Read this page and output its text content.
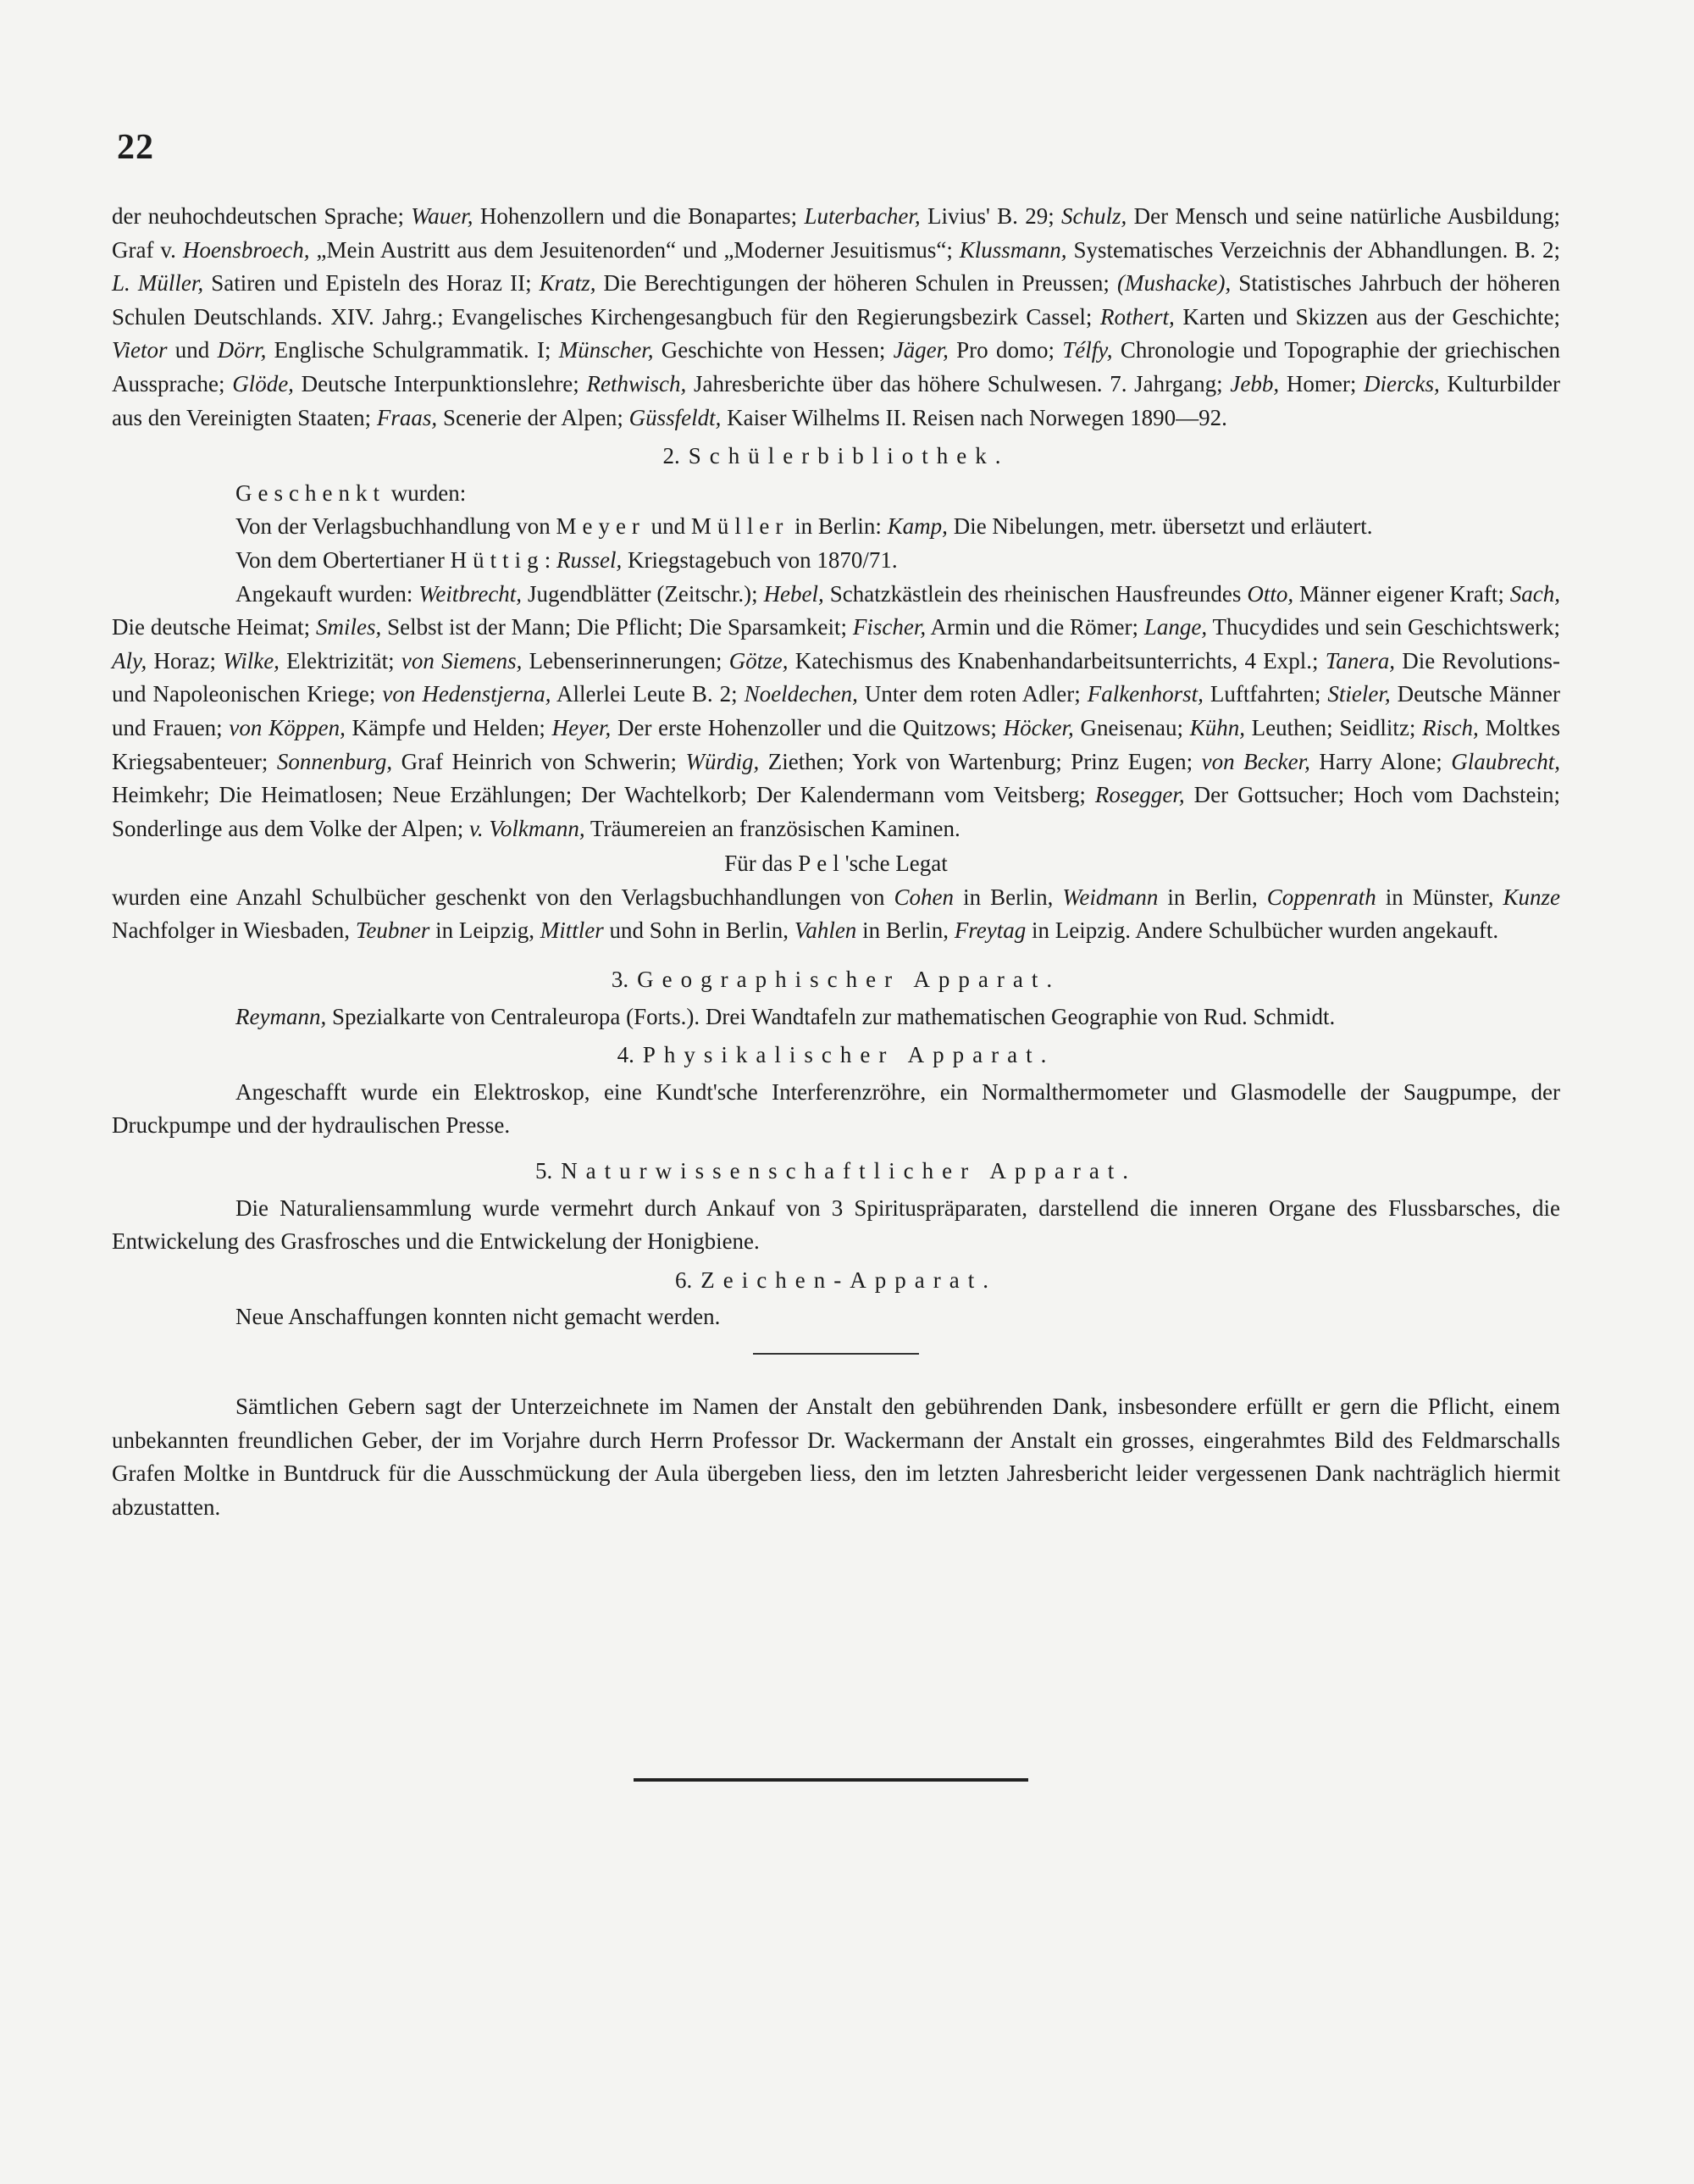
22

der neuhochdeutschen Sprache; Wauer, Hohenzollern und die Bonapartes; Luterbacher, Livius' B. 29; Schulz, Der Mensch und seine natürliche Ausbildung; Graf v. Hoensbroech, „Mein Austritt aus dem Jesuitenorden“ und „Moderner Jesuitismus“; Klussmann, Systematisches Verzeichnis der Abhandlungen. B. 2; L. Müller, Satiren und Episteln des Horaz II; Kratz, Die Berechtigungen der höheren Schulen in Preussen; (Mushacke), Statistisches Jahrbuch der höheren Schulen Deutschlands. XIV. Jahrg.; Evangelisches Kirchengesangbuch für den Regierungsbezirk Cassel; Rothert, Karten und Skizzen aus der Geschichte; Vietor und Dörr, Englische Schulgrammatik. I; Münscher, Geschichte von Hessen; Jäger, Pro domo; Télfy, Chronologie und Topographie der griechischen Aussprache; Glöde, Deutsche Interpunktionslehre; Rethwisch, Jahresberichte über das höhere Schulwesen. 7. Jahrgang; Jebb, Homer; Diercks, Kulturbilder aus den Vereinigten Staaten; Fraas, Scenerie der Alpen; Güssfeldt, Kaiser Wilhelms II. Reisen nach Norwegen 1890—92.

2. Schülerbibliothek.

Geschenkt wurden:

Von der Verlagsbuchhandlung von Meyer und Müller in Berlin: Kamp, Die Nibelungen, metr. übersetzt und erläutert.

Von dem Obertertianer Hüttig: Russel, Kriegstagebuch von 1870/71.

Angekauft wurden: Weitbrecht, Jugendblätter (Zeitschr.); Hebel, Schatzkästlein des rheinischen Hausfreundes Otto, Männer eigener Kraft; Sach, Die deutsche Heimat; Smiles, Selbst ist der Mann; Die Pflicht; Die Sparsamkeit; Fischer, Armin und die Römer; Lange, Thucydides und sein Geschichtswerk; Aly, Horaz; Wilke, Elektrizität; von Siemens, Lebenserinnerungen; Götze, Katechismus des Knabenhandarbeitsunterrichts, 4 Expl.; Tanera, Die Revolutions- und Napoleonischen Kriege; von Hedenstjerna, Allerlei Leute B. 2; Noeldechen, Unter dem roten Adler; Falkenhorst, Luftfahrten; Stieler, Deutsche Männer und Frauen; von Köppen, Kämpfe und Helden; Heyer, Der erste Hohenzoller und die Quitzows; Höcker, Gneisenau; Kühn, Leuthen; Seidlitz; Risch, Moltkes Kriegsabenteuer; Sonnenburg, Graf Heinrich von Schwerin; Würdig, Ziethen; York von Wartenburg; Prinz Eugen; von Becker, Harry Alone; Glaubrecht, Heimkehr; Die Heimatlosen; Neue Erzählungen; Der Wachtelkorb; Der Kalendermann vom Veitsberg; Rosegger, Der Gottsucher; Hoch vom Dachstein; Sonderlinge aus dem Volke der Alpen; v. Volkmann, Träumereien an französischen Kaminen.

Für das Pel'sche Legat

wurden eine Anzahl Schulbücher geschenkt von den Verlagsbuchhandlungen von Cohen in Berlin, Weidmann in Berlin, Coppenrath in Münster, Kunze Nachfolger in Wiesbaden, Teubner in Leipzig, Mittler und Sohn in Berlin, Vahlen in Berlin, Freytag in Leipzig. Andere Schulbücher wurden angekauft.

3. Geographischer Apparat.

Reymann, Spezialkarte von Centraleuropa (Forts.). Drei Wandtafeln zur mathematischen Geographie von Rud. Schmidt.

4. Physikalischer Apparat.

Angeschafft wurde ein Elektroskop, eine Kundt'sche Interferenzröhre, ein Normalthermometer und Glasmodelle der Saugpumpe, der Druckpumpe und der hydraulischen Presse.

5. Naturwissenschaftlicher Apparat.

Die Naturaliensammlung wurde vermehrt durch Ankauf von 3 Spirituspräparaten, darstellend die inneren Organe des Flussbarsches, die Entwickelung des Grasfrosches und die Entwickelung der Honigbiene.

6. Zeichen-Apparat.

Neue Anschaffungen konnten nicht gemacht werden.

Sämtlichen Gebern sagt der Unterzeichnete im Namen der Anstalt den gebührenden Dank, insbesondere erfüllt er gern die Pflicht, einem unbekannten freundlichen Geber, der im Vorjahre durch Herrn Professor Dr. Wackermann der Anstalt ein grosses, eingerahmtes Bild des Feldmarschalls Grafen Moltke in Buntdruck für die Ausschmückung der Aula übergeben liess, den im letzten Jahresbericht leider vergessenen Dank nachträglich hiermit abzustatten.
